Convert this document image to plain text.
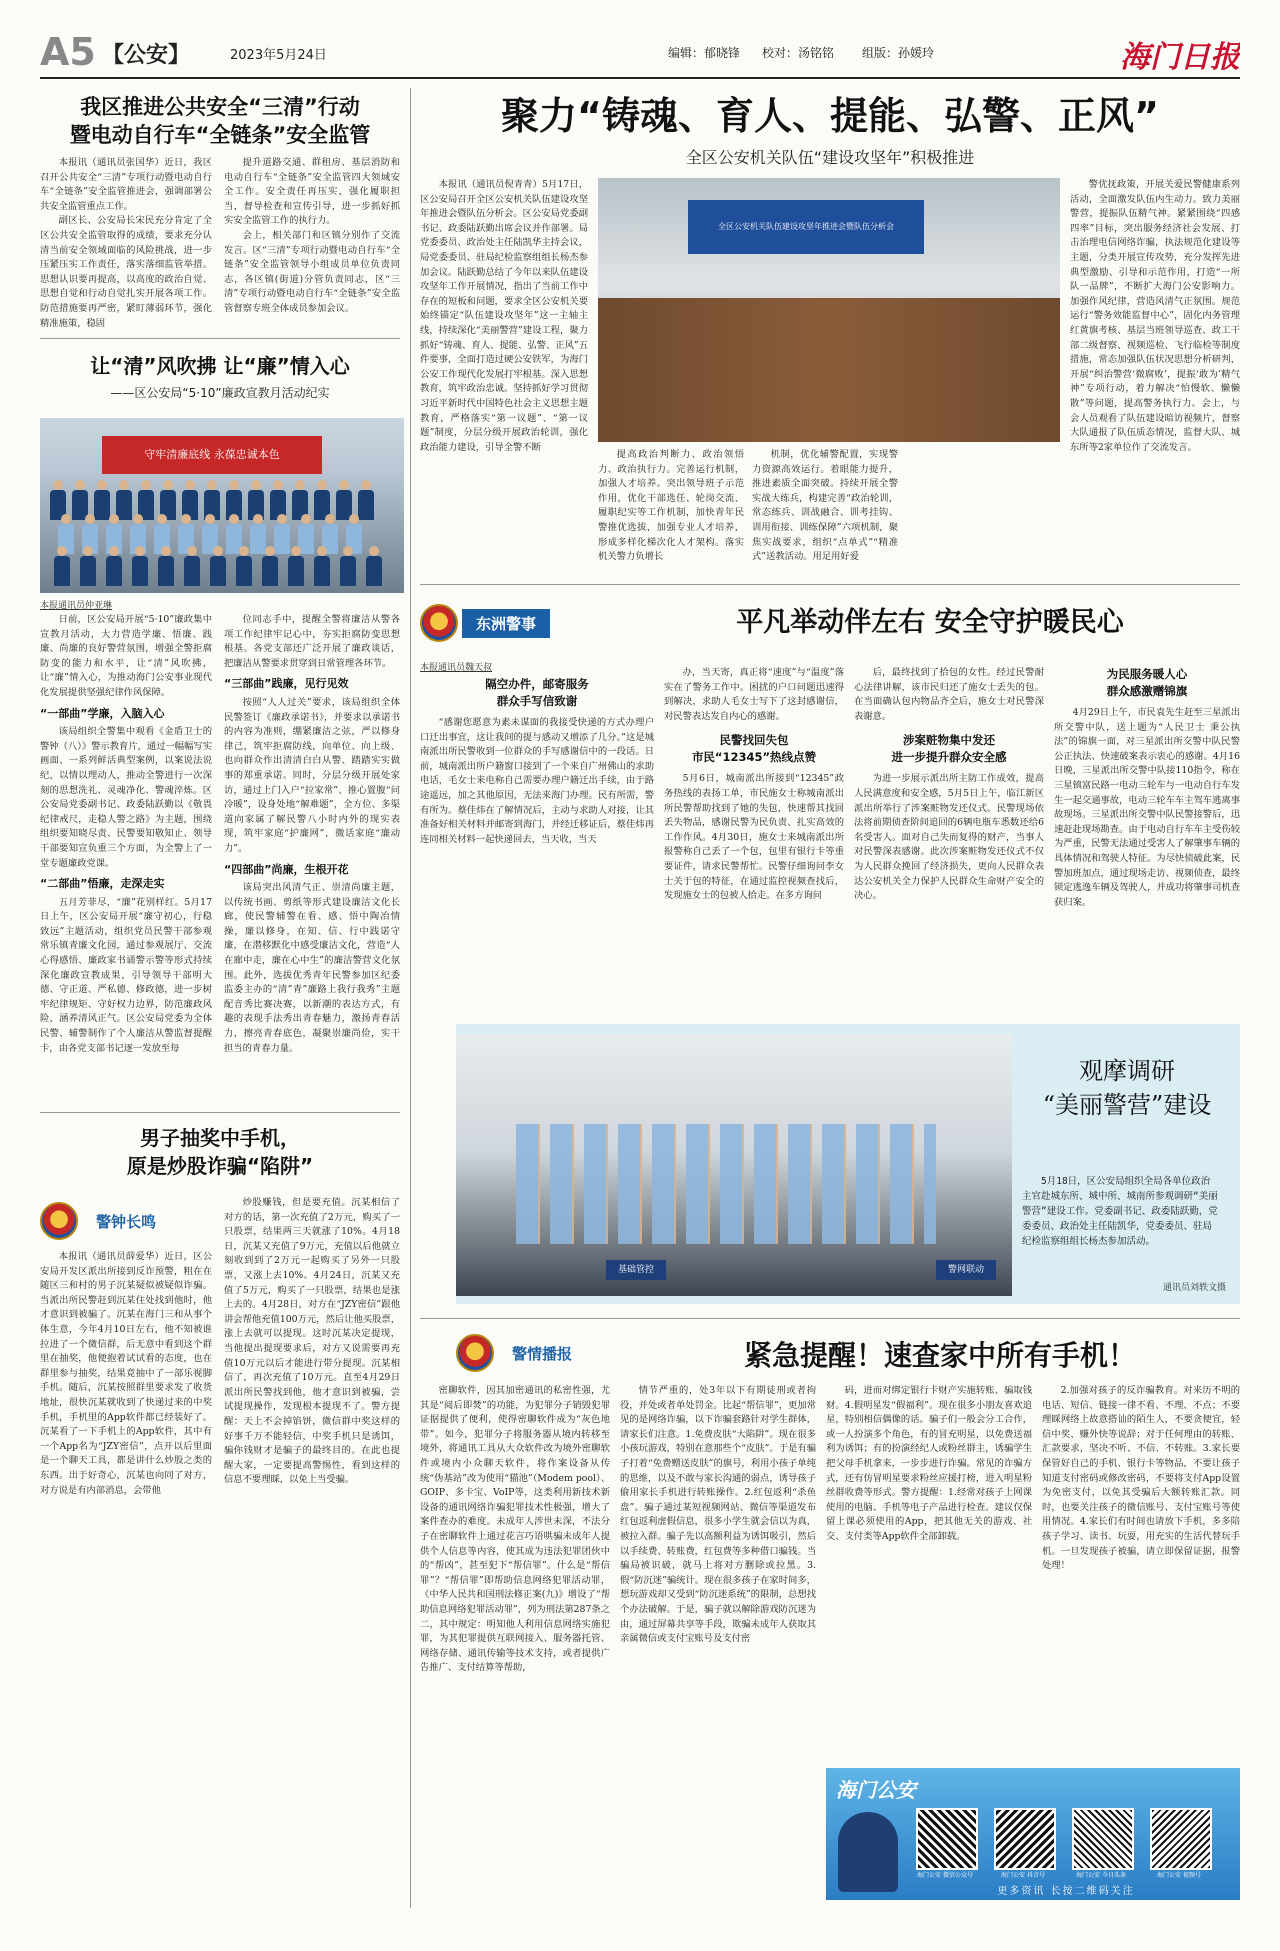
A5 【公安】	2023年5月24日	编辑：郁晓锋 校对：汤铭铭 组版：孙媛玲	海门日报
我区推进公共安全“三清”行动
暨电动自行车“全链条”安全监管

本报讯（通讯员张国华）近日，我区召开公共安全“三清”专项行动暨电动自行车“全链条”安全监管推进会，强调部署公共安全监管重点工作。

副区长、公安局长宋民充分肯定了全区公共安全监管取得的成绩，要求充分认清当前安全领域面临的风险挑战，进一步压紧压实工作责任，落实落细监管举措。思想认识要再提高，以高度的政治自觉、思想自觉和行动自觉扎实开展各项工作。防范措施要再严密，紧盯薄弱环节，强化精准施策，稳固

提升道路交通、群租房、基层消防和电动自行车“全链条”安全监管四大领域安全工作。安全责任再压实，强化履职担当，督导检查和宣传引导，进一步抓好抓实安全监管工作的执行力。

会上，相关部门和区镇分别作了交流发言。区“三清”专项行动暨电动自行车“全链条”安全监管领导小组成员单位负责同志，各区镇(街道)分管负责同志，区“三清”专项行动暨电动自行车“全链条”安全监管督察专班全体成员参加会议。

让“清”风吹拂 让“廉”情入心
——区公安局“5·10”廉政宣教月活动纪实
守牢清廉底线 永葆忠诚本色
本报通讯员仲亚琳

日前，区公安局开展“5·10”廉政集中宣教月活动，大力营造学廉、悟廉、践廉、尚廉的良好警营氛围，增强全警拒腐防变的能力和水平，让“清”风吹拂，让“廉”情入心，为推动海门公安事业现代化发展提供坚强纪律作风保障。

“一部曲”学廉，入脑入心

该局组织全警集中观看《金盾卫士的警钟（八）》警示教育片，通过一幅幅写实画面、一系列鲜活典型案例，以案说法说纪，以情以理动人，推动全警进行一次深刻的思想洗礼、灵魂净化、警魂淬炼。区公安局党委副书记、政委陆跃勤以《敬畏纪律戒尺，走稳人警之路》为主题，围绕组织要知晓尽责、民警要知敬知止、领导干部要知宣负重三个方面，为全警上了一堂专题廉政党课。

“二部曲”悟廉，走深走实

五月芳菲尽，“廉”花别样红。5月17日上午，区公安局开展“廉守初心，行稳致远”主题活动，组织党员民警干部参观常乐镇青廉文化园，通过参观展厅、交流心得感悟、廉政家书诵警示警等形式持续深化廉政宣教成果，引导领导干部明大德、守正道、严私德、修政德，进一步树牢纪律规矩、守好权力边界，防范廉政风险，涵养清风正气。区公安局党委为全体民警、辅警制作了个人廉洁从警监督提醒卡，由各党支部书记逐一发放至每

位同志手中，提醒全警将廉洁从警各项工作纪律牢记心中，夯实拒腐防变思想根基。各党支部还广泛开展了廉政谈话，把廉洁从警要求贯穿到日常管理各环节。

“三部曲”践廉，见行见效

按照“人人过关”要求，该局组织全体民警签订《廉政承诺书》，并要求以承诺书的内容为准则，绷紧廉洁之弦，严以修身律己，筑牢拒腐防线，向单位、向上级、也向群众作出清清白白从警、踏踏实实做事的郑重承诺。同时，分层分级开展处家访，通过上门入户“拉家常”、推心置腹“问冷暖”，设身处地“解难题”，全方位、多渠道向家属了解民警八小时内外的现实表现，筑牢家庭“护廉网”，微话家庭“廉动力”。

“四部曲”尚廉，生根开花

该局突出风清气正、崇清尚廉主题，以传统书画、剪纸等形式建设廉洁文化长廊，使民警辅警在看、感、悟中陶冶情操，廉以修身，在知、信、行中践诺守廉，在潜移默化中感受廉洁文化，营造“人在廊中走，廉在心中生”的廉洁警营文化氛围。此外，选拔优秀青年民警参加区纪委监委主办的“清”青”廉路上我行我秀”主题配音秀比赛决赛，以新潮的表达方式，有趣的表现手法秀出青春魅力，激扬青春活力，擦亮青春底色，凝聚崇廉尚俭，实干担当的青春力量。

男子抽奖中手机，
原是炒股诈骗“陷阱”
警钟长鸣

本报讯（通讯员薛爱华）近日，区公安局开发区派出所接到反诈预警，粗在在随区三和村的男子沉某疑似被疑似诈骗。当派出所民警赶到沉某住处找到他时，他才意识到被骗了。沉某在海门三和从事个体生意，今年4月10日左右，他不知被谁拉进了一个微信群，后无意中看到这个群里在抽奖，他便抱着试试看的态度，也在群里参与抽奖，结果竟抽中了一部乐视脚手机。随后，沉某按照群里要求发了收货地址，很快沉某就收到了快递过来的中奖手机，手机里的App软件都已经装好了。沉某看了一下手机上的App软件，其中有一个App名为“JZY密信”，点开以后里面是一个聊天工具，都是讲什么炒股之类的东西。出于好奇心，沉某也向同了对方，对方说是有内部消息，会带他

炒股赚钱，但是要充值。沉某相信了对方的话，第一次充值了2万元，购买了一只股票，结果两三天就涨了10%。4月18日，沉某又充值了9万元，充值以后他就立刻收到到了2万元一起购买了另外一只股票，又涨上去10%。4月24日，沉某又充值了5万元，购买了一只股票，结果也是涨上去的。4月28日，对方在“JZY密信”跟他讲会帮他充值100万元，然后让他买股票，涨上去就可以提现。这时沉某决定提现，当他提出提现要求后，对方又说需要再充值10万元以后才能进行带分提现。沉某相信了，再次充值了10万元。直至4月29日派出所民警找到他，他才意识到被骗，尝试提现操作，发现根本提现不了。警方提醒：天上不会掉馅饼，微信群中奖这样的好事千万不能轻信，中奖手机只是诱饵，骗你钱财才是骗子的最终目的。在此也提醒大家，一定要提高警惕性，看到这样的信息不要理睬，以免上当受骗。

聚力“铸魂、育人、提能、弘警、正风”
全区公安机关队伍“建设攻坚年”积极推进

本报讯（通讯员倪青青）5月17日，区公安局召开全区公安机关队伍建设攻坚年推进会暨队伍分析会。区公安局党委副书记、政委陆跃勤出席会议并作部署。局党委委员、政治处主任陆凯华主持会议，局党委委员、驻局纪检监察组组长杨杰参加会议。陆跃勤总结了今年以来队伍建设攻坚年工作开展情况，指出了当前工作中存在的短板和问题，要求全区公安机关要始终锚定“队伍建设攻坚年”这一主轴主线，持续深化“美丽警营”建设工程，聚力抓好“铸魂、育人、提能、弘警、正风”五件要事，全面打造过硬公安铁军，为海门公安工作现代化发展打牢根基。深入思想教育，筑牢政治忠诚。坚持抓好学习贯彻习近平新时代中国特色社会主义思想主题教育，严格落实“第一议题”、“第一议题”制度，分层分级开展政治轮训，强化政治能力建设，引导全警不断

全区公安机关队伍建设攻坚年推进会暨队伍分析会

提高政治判断力、政治领悟力、政治执行力。完善运行机制，加强人才培养。突出领导班子示范作用，优化干部选任、轮岗交流、履职纪实等工作机制，加快青年民警推优选拔，加强专业人才培养，形成多样化梯次化人才架构。落实机关警力负增长

机制，优化辅警配置，实现警力资源高效运行。着眼能力提升，推进素质全面突破。持续开展全警实战大练兵，构建完善“政治轮训，常态练兵、训战融合、训考挂钩、训用衔接、训练保障”六项机制，聚焦实战要求，组织“点单式”“精准式”送教活动。用足用好爱

警优抚政策，开展关爱民警健康系列活动，全面激发队伍内生动力。致力美丽警营，提振队伍精气神。紧紧围绕“四感四率”目标，突出服务经济社会发展、打击治理电信网络诈骗，执法规范化建设等主题，分类开展宣传攻势，充分发挥先进典型激励、引导和示范作用，打造“一所队一品牌”，不断扩大海门公安影响力。加强作风纪律，营造风清气正氛围。规范运行“警务效能监督中心”，固化内务管理红黄旗考核、基层当班领导巡查、政工干部二级督察、视频巡检、飞行临检等制度措施，常态加强队伍状况思想分析研判，开展“纠治警营‘微腐败’，提振‘敢为’精气神”专项行动，着力解决“怕慢软、懒懒散”等问题，提高警务执行力。会上，与会人员观看了队伍建设暗访视频片，督察大队通报了队伍质态情况，监督大队、城东所等2家单位作了交流发言。

东洲警事	平凡举动伴左右 安全守护暖民心
本报通讯员魏天叔
隔空办件，邮寄服务
群众手写信致谢

“感谢您愿意为素未谋面的我接受快递的方式办理户口迁出事宜，这让我间的提与感动又增添了几分。”这是城南派出所民警收到一位群众的手写感谢信中的一段话。日前，城南派出所户籍窗口接到了一个来自广州佛山的求助电话，毛女士来电称自己需要办理户籍迁出手续，由于路途遥远，加之其他原因，无法来海门办理。民有所需，警有所为。蔡佳炜在了解情况后，主动与求助人对接，让其准备好相关材料并邮寄到海门，并经迁移证后，蔡佳炜再连同相关材料一起快递回去，当天收，当天

办，当天寄，真正将“速度”与“温度”落实在了警务工作中。困扰的户口问题迅速得到解决，求助人毛女士写下了这封感谢信，对民警表达发自内心的感谢。

民警找回失包
市民“12345”热线点赞

5月6日，城南派出所接到“12345”政务热线的表扬工单，市民施女士称城南派出所民警帮助找到了她的失包，快速帮其找回丢失物品，感谢民警为民负责、扎实高效的工作作风。4月30日，施女士来城南派出所报警称自己丢了一个包，包里有银行卡等重要证件，请求民警帮忙。民警仔细询问李女士关于包的特征，在通过监控视频查找后，发现施女士的包被人拾走。在多方询问

后，最终找到了拾包的女性。经过民警耐心法律讲解，该市民归还了施女士丢失的包。在当面确认包内物品齐全后，施女士对民警深表谢意。

涉案赃物集中发还
进一步提升群众安全感

为进一步展示派出所主防工作成效，提高人民满意度和安全感，5月5日上午，临江新区派出所举行了涉案赃物发还仪式。民警现场依法将前期侦查阶间追回的6辆电瓶车悉数还给6名受害人。面对自己失而复得的财产，当事人对民警深表感谢。此次涉案赃物发还仪式不仅为人民群众挽回了经济损失，更向人民群众表达公安机关全力保护人民群众生命财产安全的决心。

为民服务暖人心
群众感激赠锦旗

4月29日上午，市民袁先生赶至三星派出所交警中队，送上题为“人民卫士 秉公执法”的锦旗一面，对三星派出所交警中队民警公正执法、快速破案表示衷心的感谢。4月16日晚，三星派出所交警中队接110指令，称在三星镇富民路一电动三轮车与一电动自行车发生一起交通事故，电动三轮车车主驾车逃离事故现场。三星派出所交警中队民警接警后，迅速赶赴现场勘查。由于电动自行车车主受伤较为严重，民警无法通过受害人了解肇事车辆的具体情况和驾驶人特征。为尽快侦破此案，民警加班加点，通过现场走访、视频侦查，最终锁定逃逸车辆及驾驶人，并成功将肇事司机查获归案。

基础管控	警网联动
观摩调研
“美丽警营”建设
5月18日，区公安局组织全局各单位政治主官赴城东所、城中所、城南所参观调研“美丽警营”建设工作。党委副书记、政委陆跃勤，党委委员、政治处主任陆凯华，党委委员、驻局纪检监察组组长杨杰参加活动。
通讯员刘轶文摄
警情播报	紧急提醒！速查家中所有手机！

密聊软件，因其加密通讯的私密性强，尤其是“阅后即焚”的功能，为犯罪分子销毁犯罪证据提供了便利，使得密聊软件成为“灰色地带”。如今，犯罪分子将服务器从境内转移至境外，将通讯工具从大众软件改为境外密聊软件或境内小众聊天软件，将作案设备从传统“伪基站”改为使用“猫池”（Modem pool）、GOIP、多卡宝、VoIP等，这类利用新技术新设备的通讯网络诈骗犯罪技术性极强，增大了案件查办的难度。未成年人涉世未深，不法分子在密聊软件上通过花言巧语哄骗未成年人提供个人信息等内容，使其成为违法犯罪团伙中的“帮凶”，甚至犯下“帮信罪”。什么是“帮信罪”？“帮信罪”即帮助信息网络犯罪活动罪，《中华人民共和国刑法修正案(九)》增设了“帮助信息网络犯罪活动罪”，列为刑法第287条之二，其中规定：明知他人利用信息网络实施犯罪，为其犯罪提供互联网接入、服务器托管、网络存储、通讯传输等技术支持，或者提供广告推广、支付结算等帮助，

情节严重的，处3年以下有期徒刑或者拘役，并处或者单处罚金。比起“帮信罪”，更加常见的是网络诈骗，以下诈骗套路针对学生群体，请家长们注意。1.免费皮肤“大陷阱”。现在很多小孩玩游戏，特别在意那些个“皮肤”。于是有骗子打着“免费赠送皮肤”的旗号，利用小孩子单纯的思维，以及不敢与家长沟通的弱点，诱导孩子偷用家长手机进行转账操作。2.红包返利“杀鱼盘”。骗子通过某短视频网站、微信等渠道发布红包返利虚假信息，很多小学生就会信以为真，被拉入群。骗子先以高额利益为诱饵吸引，然后以手续费、转账费，红包费等多种借口骗钱。当骗局被识破，就马上将对方删除或拉黑。3.假“防沉迷”骗统计。现在很多孩子在家时间多，想玩游戏却又受到“防沉迷系统”的限制，总想找个办法破解。于是，骗子就以解除游戏防沉迷为由，通过屏幕共享等手段，欺骗未成年人获取其亲属微信或支付宝账号及支付密

码，进而对绑定银行卡财产实施转账、骗取钱财。4.假明星发“假福利”。现在很多小朋友喜欢追星，特别相信偶像的话。骗子们一般会分工合作，或一人扮演多个角色，有的冒充明星，以免费送福利为诱饵；有的扮演经纪人或粉丝群主，诱骗学生把父母手机拿来，一步步进行诈骗。常见的诈骗方式，还有仿冒明星要求粉丝应援打榜，进入明星粉丝群收费等形式。警方提醒：1.经常对孩子上网课使用的电脑、手机等电子产品进行检查。建议仅保留上课必须使用的App，把其他无关的游戏、社交、支付类等App软件全部卸载。

2.加强对孩子的反诈骗教育。对来历不明的电话、短信、链接一律不看、不理、不点；不要理睬网络上故意搭讪的陌生人，不要贪便宜，轻信中奖、赚外快等说辞；对于任何理由的转账、汇款要求，坚决不听、不信、不转账。3.家长要保管好自己的手机、银行卡等物品，不要让孩子知道支付密码或修改密码，不要将支付App设置为免密支付，以免其受骗后大额转账汇款。同时，也要关注孩子的微信账号、支付宝账号等使用情况。4.家长们有时间也请放下手机，多多陪孩子学习、读书、玩耍，用充实的生活代替玩手机。一旦发现孩子被骗，请立即保留证据，报警处理！

海门公安
海门公安 微信公众号	海门公安 抖音号	海门公安 今日头条	海门公安 视频号
更多资讯 长按二维码关注
